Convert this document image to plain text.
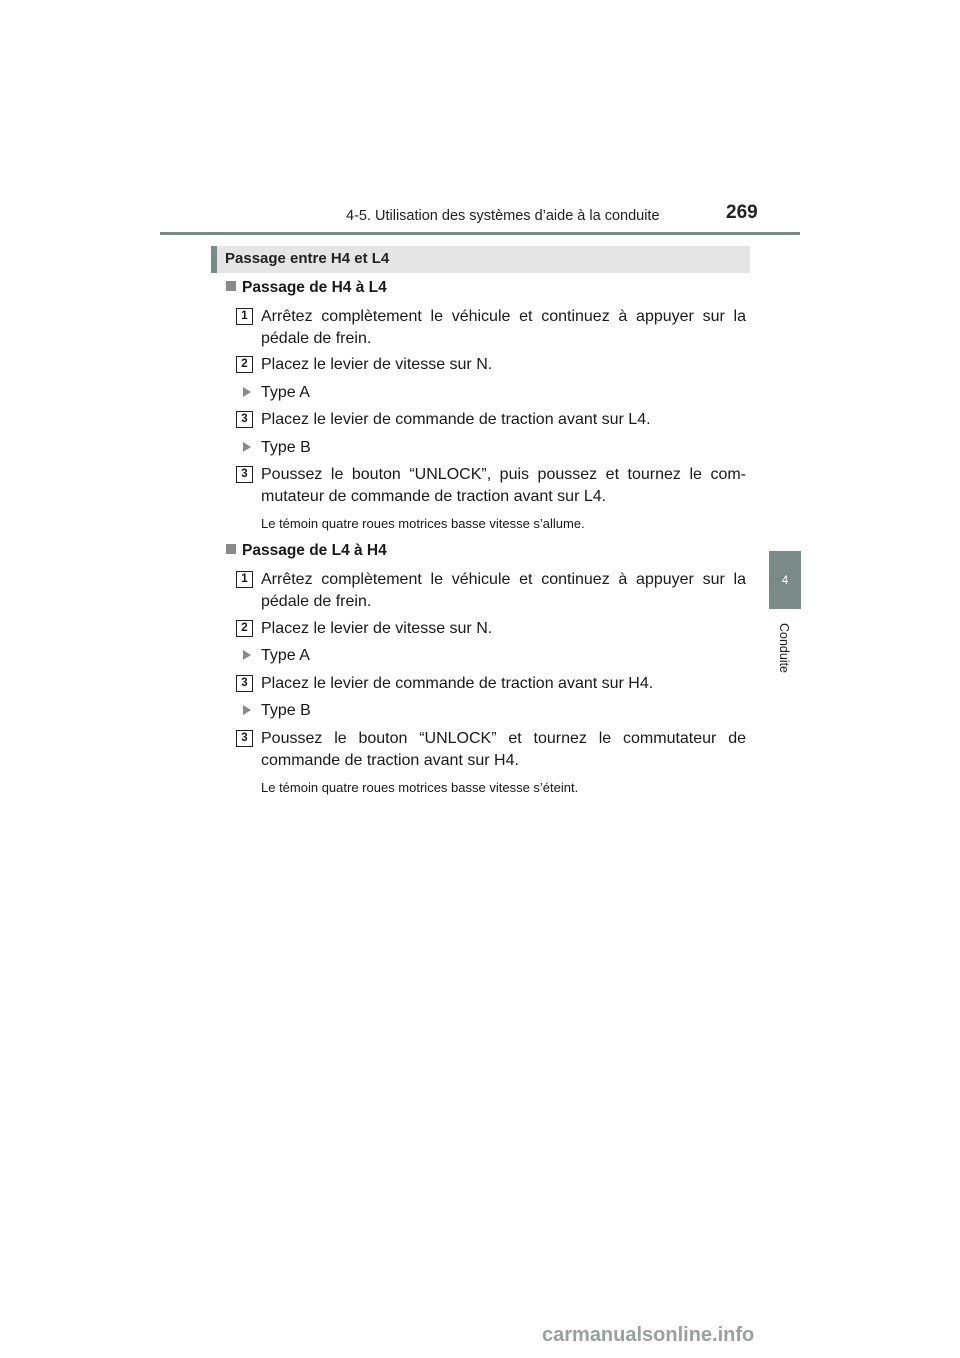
4-5. Utilisation des systèmes d’aide à la conduite	269
Passage entre H4 et L4
4
Conduite
Passage de H4 à L4
1 Arrêtez complètement le véhicule et continuez à appuyer sur la
pédale de frein.
2 Placez le levier de vitesse sur N.
Type A
3 Placez le levier de commande de traction avant sur L4.
Type B
3 Poussez le bouton “UNLOCK”, puis poussez et tournez le com-
mutateur de commande de traction avant sur L4.
Le témoin quatre roues motrices basse vitesse s’allume.
Passage de L4 à H4
1 Arrêtez complètement le véhicule et continuez à appuyer sur la
pédale de frein.
2 Placez le levier de vitesse sur N.
Type A
3 Placez le levier de commande de traction avant sur H4.
Type B
3 Poussez le bouton “UNLOCK” et tournez le commutateur de
commande de traction avant sur H4.
Le témoin quatre roues motrices basse vitesse s’éteint.
carmanualsonline.info
